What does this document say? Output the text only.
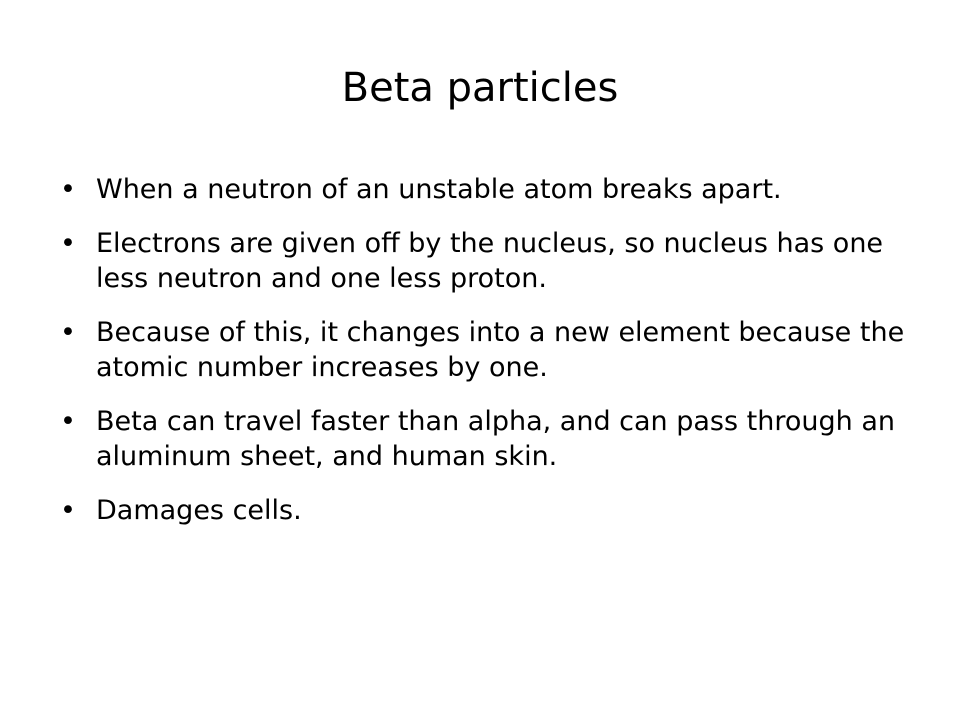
Beta particles
• When a neutron of an unstable atom breaks apart.
• Electrons are given off by the nucleus, so nucleus has one less neutron and one less proton.
• Because of this, it changes into a new element because the atomic number increases by one.
• Beta can travel faster than alpha, and can pass through an aluminum sheet, and human skin.
• Damages cells.
